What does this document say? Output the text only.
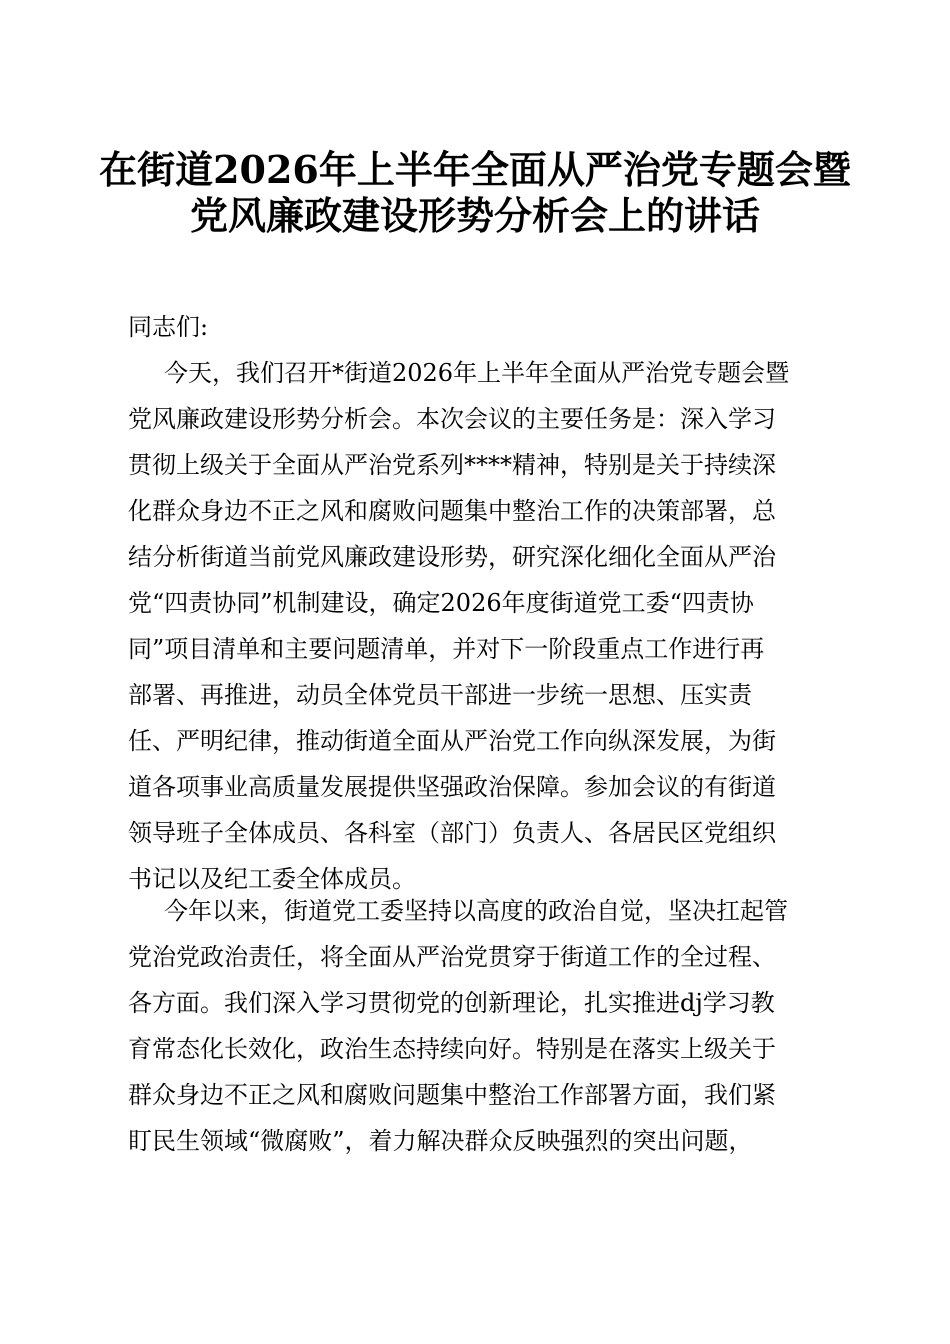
在街道2026年上半年全面从严治党专题会暨
党风廉政建设形势分析会上的讲话

同志们:

今天，我们召开*街道2026年上半年全面从严治党专题会暨
党风廉政建设形势分析会。本次会议的主要任务是：深入学习
贯彻上级关于全面从严治党系列****精神，特别是关于持续深
化群众身边不正之风和腐败问题集中整治工作的决策部署，总
结分析街道当前党风廉政建设形势，研究深化细化全面从严治
党“四责协同”机制建设，确定2026年度街道党工委“四责协
同”项目清单和主要问题清单，并对下一阶段重点工作进行再
部署、再推进，动员全体党员干部进一步统一思想、压实责
任、严明纪律，推动街道全面从严治党工作向纵深发展，为街
道各项事业高质量发展提供坚强政治保障。参加会议的有街道
领导班子全体成员、各科室（部门）负责人、各居民区党组织
书记以及纪工委全体成员。
今年以来，街道党工委坚持以高度的政治自觉，坚决扛起管
党治党政治责任，将全面从严治党贯穿于街道工作的全过程、
各方面。我们深入学习贯彻党的创新理论，扎实推进dj学习教
育常态化长效化，政治生态持续向好。特别是在落实上级关于
群众身边不正之风和腐败问题集中整治工作部署方面，我们紧
盯民生领域“微腐败”，着力解决群众反映强烈的突出问题，
